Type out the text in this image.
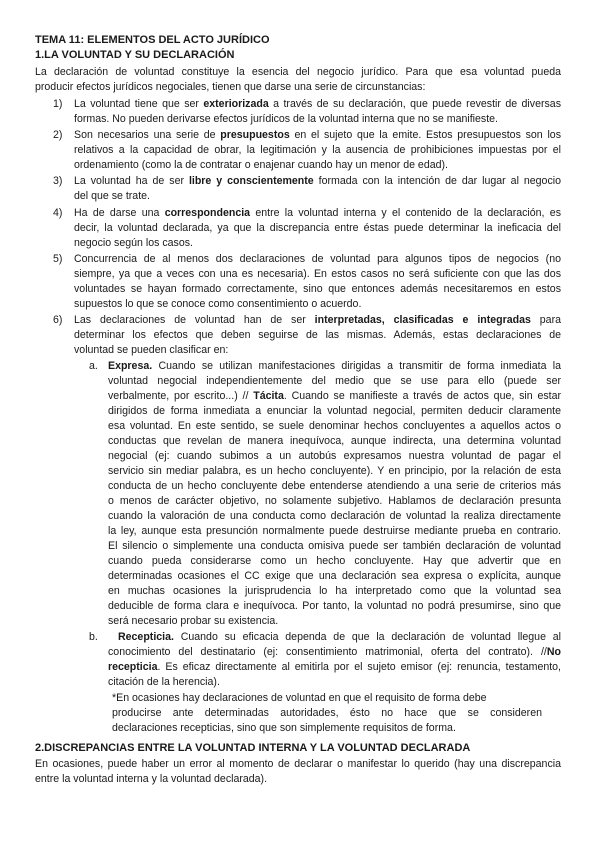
TEMA 11: ELEMENTOS DEL ACTO JURÍDICO
1.LA VOLUNTAD Y SU DECLARACIÓN
La declaración de voluntad constituye la esencia del negocio jurídico. Para que esa voluntad pueda
producir efectos jurídicos negociales, tienen que darse una serie de circunstancias:
1) La voluntad tiene que ser exteriorizada a través de su declaración, que puede revestir de diversas
formas. No pueden derivarse efectos jurídicos de la voluntad interna que no se manifieste.
2) Son necesarios una serie de presupuestos en el sujeto que la emite. Estos presupuestos son los
relativos a la capacidad de obrar, la legitimación y la ausencia de prohibiciones impuestas por el
ordenamiento (como la de contratar o enajenar cuando hay un menor de edad).
3) La voluntad ha de ser libre y conscientemente formada con la intención de dar lugar al negocio
del que se trate.
4) Ha de darse una correspondencia entre la voluntad interna y el contenido de la declaración, es
decir, la voluntad declarada, ya que la discrepancia entre éstas puede determinar la ineficacia del
negocio según los casos.
5) Concurrencia de al menos dos declaraciones de voluntad para algunos tipos de negocios (no
siempre, ya que a veces con una es necesaria). En estos casos no será suficiente con que las dos
voluntades se hayan formado correctamente, sino que entonces además necesitaremos en estos
supuestos lo que se conoce como consentimiento o acuerdo.
6) Las declaraciones de voluntad han de ser interpretadas, clasificadas e integradas para
determinar los efectos que deben seguirse de las mismas. Además, estas declaraciones de
voluntad se pueden clasificar en:
a. Expresa. Cuando se utilizan manifestaciones dirigidas a transmitir de forma inmediata la
voluntad negocial independientemente del medio que se use para ello (puede ser
verbalmente, por escrito...) // Tácita. Cuando se manifieste a través de actos que, sin estar
dirigidos de forma inmediata a enunciar la voluntad negocial, permiten deducir claramente
esa voluntad. En este sentido, se suele denominar hechos concluyentes a aquellos actos o
conductas que revelan de manera inequívoca, aunque indirecta, una determina voluntad
negocial (ej: cuando subimos a un autobús expresamos nuestra voluntad de pagar el
servicio sin mediar palabra, es un hecho concluyente). Y en principio, por la relación de esta
conducta de un hecho concluyente debe entenderse atendiendo a una serie de criterios más
o menos de carácter objetivo, no solamente subjetivo. Hablamos de declaración presunta
cuando la valoración de una conducta como declaración de voluntad la realiza directamente
la ley, aunque esta presunción normalmente puede destruirse mediante prueba en contrario.
El silencio o simplemente una conducta omisiva puede ser también declaración de voluntad
cuando pueda considerarse como un hecho concluyente. Hay que advertir que en
determinadas ocasiones el CC exige que una declaración sea expresa o explícita, aunque
en muchas ocasiones la jurisprudencia lo ha interpretado como que la voluntad sea
deducible de forma clara e inequívoca. Por tanto, la voluntad no podrá presumirse, sino que
será necesario probar su existencia.
b. Recepticia. Cuando su eficacia dependa de que la declaración de voluntad llegue al
conocimiento del destinatario (ej: consentimiento matrimonial, oferta del contrato). //No
recepticia. Es eficaz directamente al emitirla por el sujeto emisor (ej: renuncia, testamento,
citación de la herencia).
*En ocasiones hay declaraciones de voluntad en que el requisito de forma debe
producirse ante determinadas autoridades, ésto no hace que se consideren
declaraciones recepticias, sino que son simplemente requisitos de forma.
2.DISCREPANCIAS ENTRE LA VOLUNTAD INTERNA Y LA VOLUNTAD DECLARADA
En ocasiones, puede haber un error al momento de declarar o manifestar lo querido (hay una discrepancia
entre la voluntad interna y la voluntad declarada).
